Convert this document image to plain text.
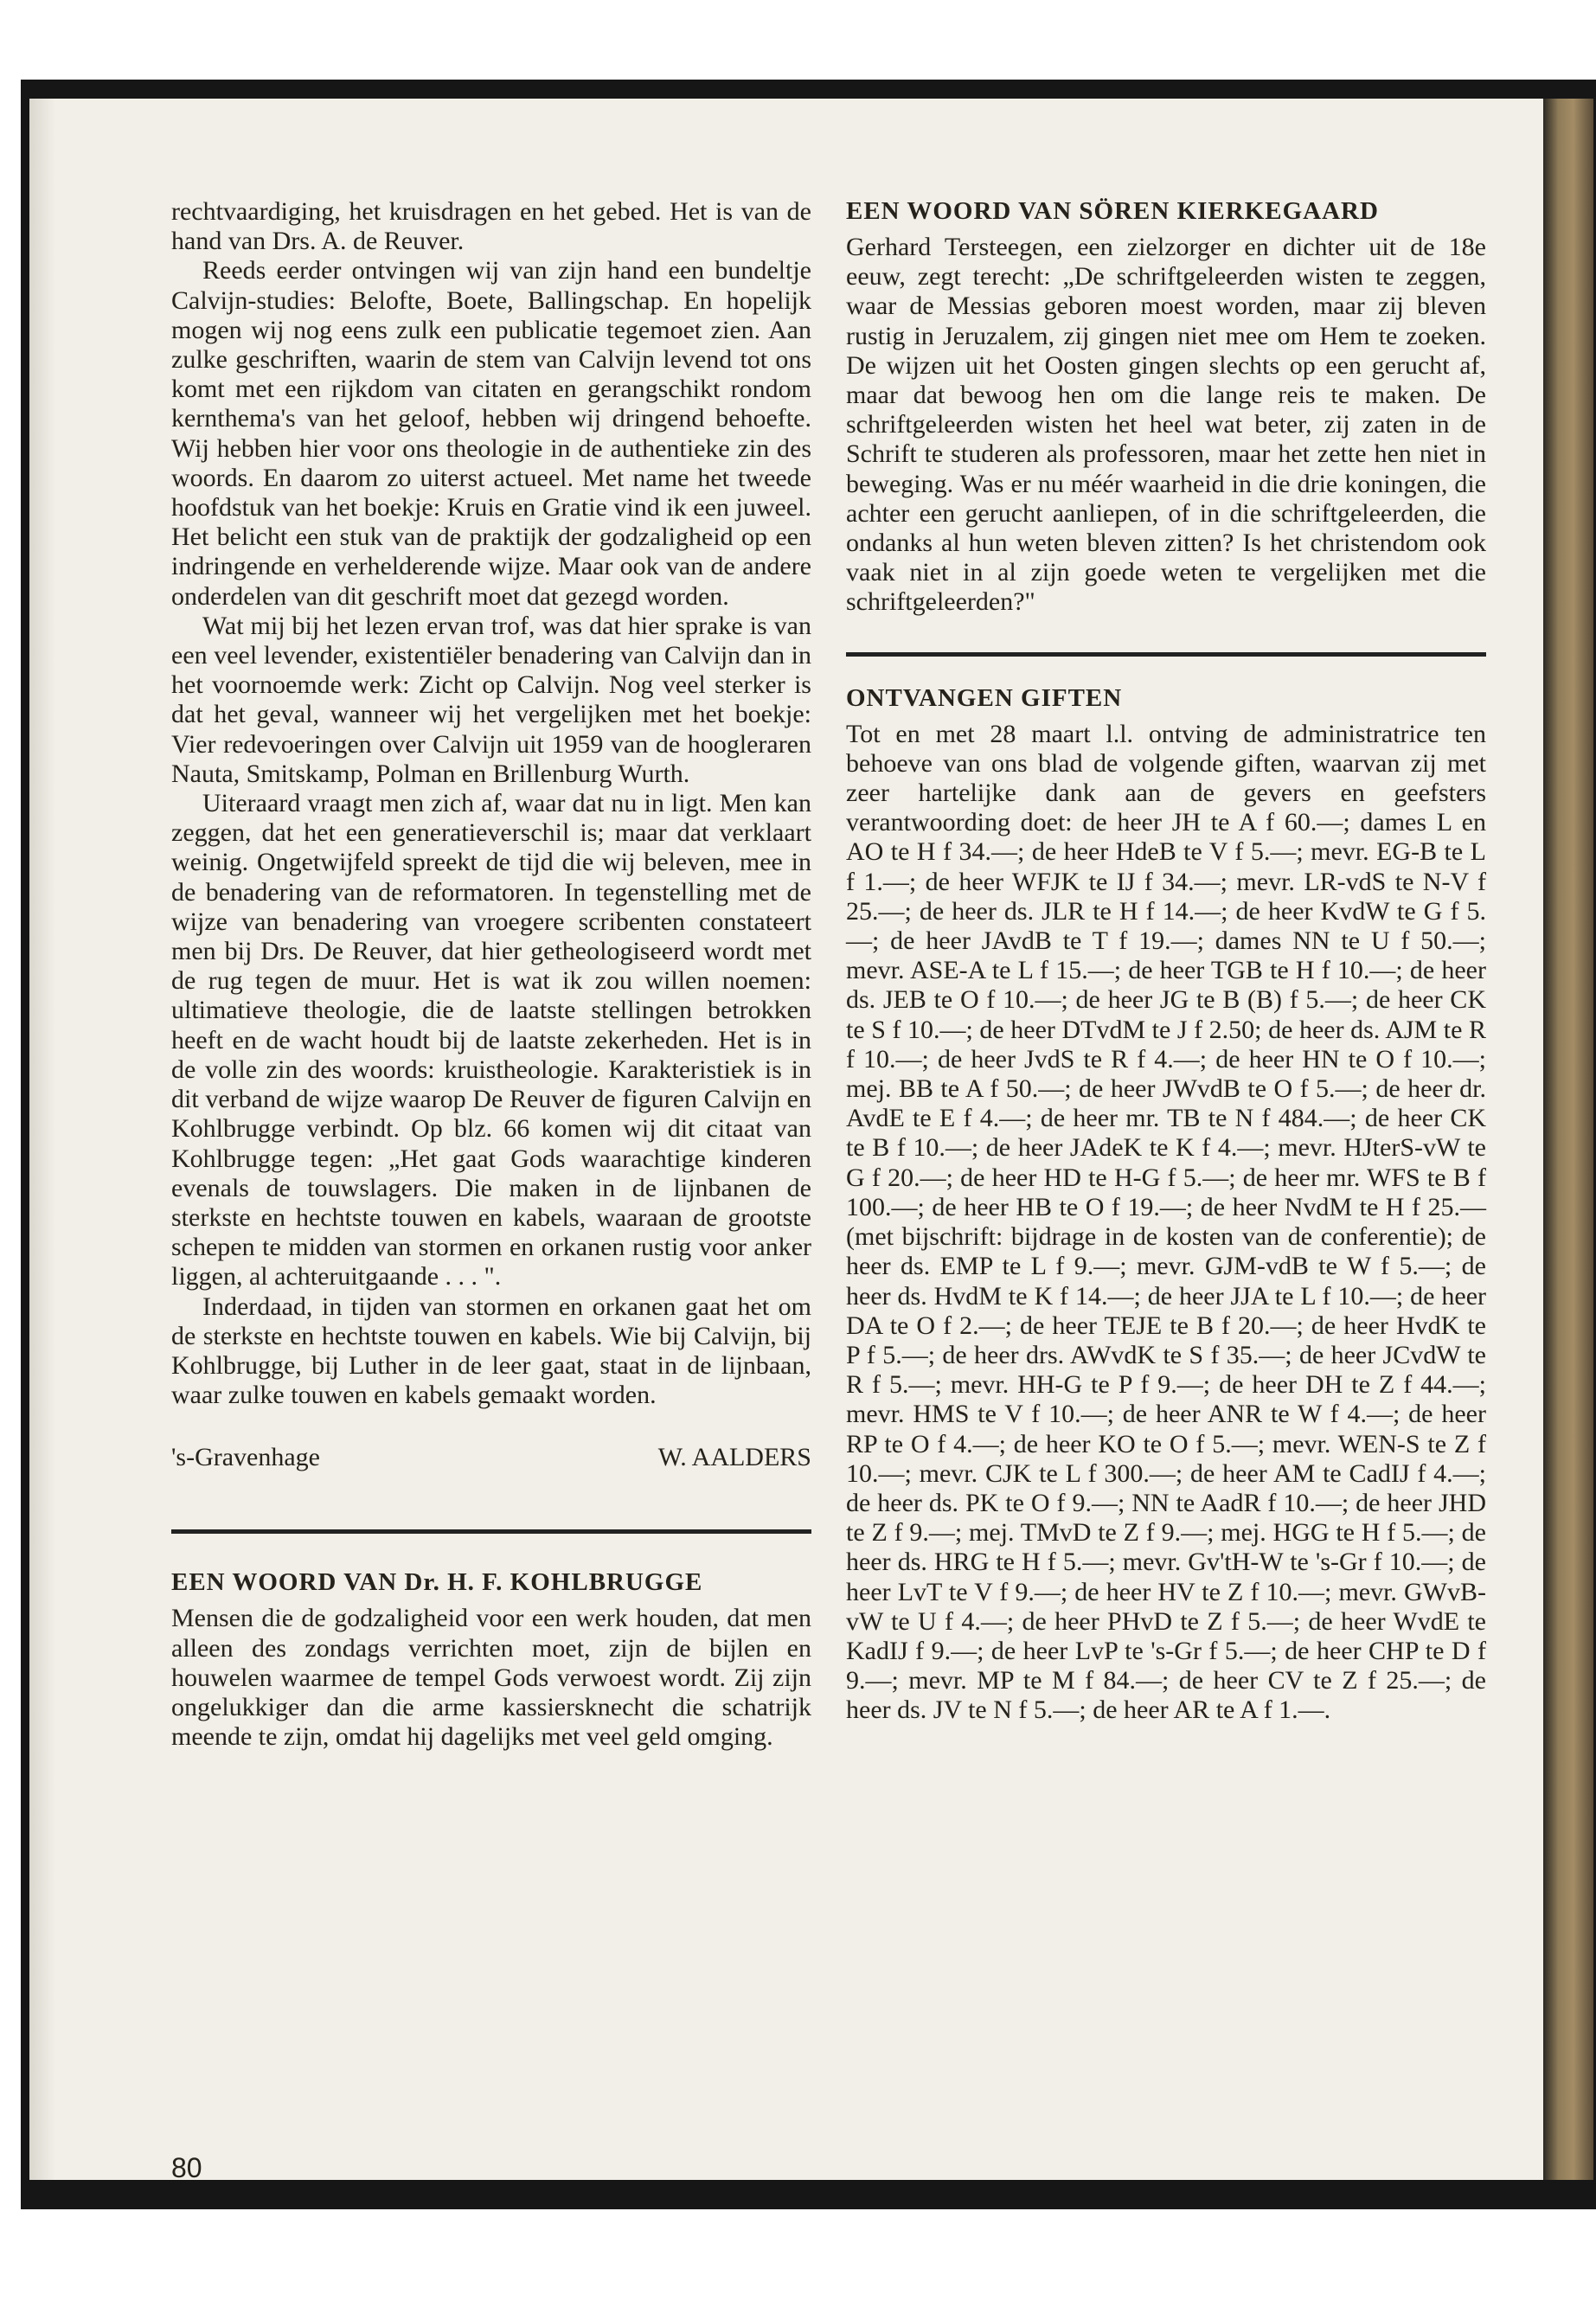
rechtvaardiging, het kruisdragen en het gebed. Het is van de hand van Drs. A. de Reuver.

Reeds eerder ontvingen wij van zijn hand een bundeltje Calvijn-studies: Belofte, Boete, Ballingschap. En hopelijk mogen wij nog eens zulk een publicatie tegemoet zien. Aan zulke geschriften, waarin de stem van Calvijn levend tot ons komt met een rijkdom van citaten en gerangschikt rondom kernthema's van het geloof, hebben wij dringend behoefte. Wij hebben hier voor ons theologie in de authentieke zin des woords. En daarom zo uiterst actueel. Met name het tweede hoofdstuk van het boekje: Kruis en Gratie vind ik een juweel. Het belicht een stuk van de praktijk der godzaligheid op een indringende en verhelderende wijze. Maar ook van de andere onderdelen van dit geschrift moet dat gezegd worden.

Wat mij bij het lezen ervan trof, was dat hier sprake is van een veel levender, existentiëler benadering van Calvijn dan in het voornoemde werk: Zicht op Calvijn. Nog veel sterker is dat het geval, wanneer wij het vergelijken met het boekje: Vier redevoeringen over Calvijn uit 1959 van de hoogleraren Nauta, Smitskamp, Polman en Brillenburg Wurth.

Uiteraard vraagt men zich af, waar dat nu in ligt. Men kan zeggen, dat het een generatieverschil is; maar dat verklaart weinig. Ongetwijfeld spreekt de tijd die wij beleven, mee in de benadering van de reformatoren. In tegenstelling met de wijze van benadering van vroegere scribenten constateert men bij Drs. De Reuver, dat hier getheologiseerd wordt met de rug tegen de muur. Het is wat ik zou willen noemen: ultimatieve theologie, die de laatste stellingen betrokken heeft en de wacht houdt bij de laatste zekerheden. Het is in de volle zin des woords: kruistheologie. Karakteristiek is in dit verband de wijze waarop De Reuver de figuren Calvijn en Kohlbrugge verbindt. Op blz. 66 komen wij dit citaat van Kohlbrugge tegen: „Het gaat Gods waarachtige kinderen evenals de touwslagers. Die maken in de lijnbanen de sterkste en hechtste touwen en kabels, waaraan de grootste schepen te midden van stormen en orkanen rustig voor anker liggen, al achteruitgaande . . . ".

Inderdaad, in tijden van stormen en orkanen gaat het om de sterkste en hechtste touwen en kabels. Wie bij Calvijn, bij Kohlbrugge, bij Luther in de leer gaat, staat in de lijnbaan, waar zulke touwen en kabels gemaakt worden.

's-Gravenhage	W. AALDERS
EEN WOORD VAN Dr. H. F. KOHLBRUGGE

Mensen die de godzaligheid voor een werk houden, dat men alleen des zondags verrichten moet, zijn de bijlen en houwelen waarmee de tempel Gods verwoest wordt. Zij zijn ongelukkiger dan die arme kassiersknecht die schatrijk meende te zijn, omdat hij dagelijks met veel geld omging.

EEN WOORD VAN SÖREN KIERKEGAARD

Gerhard Tersteegen, een zielzorger en dichter uit de 18e eeuw, zegt terecht: „De schriftgeleerden wisten te zeggen, waar de Messias geboren moest worden, maar zij bleven rustig in Jeruzalem, zij gingen niet mee om Hem te zoeken. De wijzen uit het Oosten gingen slechts op een gerucht af, maar dat bewoog hen om die lange reis te maken. De schriftgeleerden wisten het heel wat beter, zij zaten in de Schrift te studeren als professoren, maar het zette hen niet in beweging. Was er nu méér waarheid in die drie koningen, die achter een gerucht aanliepen, of in die schriftgeleerden, die ondanks al hun weten bleven zitten? Is het christendom ook vaak niet in al zijn goede weten te vergelijken met die schriftgeleerden?"

ONTVANGEN GIFTEN

Tot en met 28 maart l.l. ontving de administratrice ten behoeve van ons blad de volgende giften, waarvan zij met zeer hartelijke dank aan de gevers en geefsters verantwoording doet: de heer JH te A f 60.—; dames L en AO te H f 34.—; de heer HdeB te V f 5.—; mevr. EG-B te L f 1.—; de heer WFJK te IJ f 34.—; mevr. LR-vdS te N-V f 25.—; de heer ds. JLR te H f 14.—; de heer KvdW te G f 5.—; de heer JAvdB te T f 19.—; dames NN te U f 50.—; mevr. ASE-A te L f 15.—; de heer TGB te H f 10.—; de heer ds. JEB te O f 10.—; de heer JG te B (B) f 5.—; de heer CK te S f 10.—; de heer DTvdM te J f 2.50; de heer ds. AJM te R f 10.—; de heer JvdS te R f 4.—; de heer HN te O f 10.—; mej. BB te A f 50.—; de heer JWvdB te O f 5.—; de heer dr. AvdE te E f 4.—; de heer mr. TB te N f 484.—; de heer CK te B f 10.—; de heer JAdeK te K f 4.—; mevr. HJterS-vW te G f 20.—; de heer HD te H-G f 5.—; de heer mr. WFS te B f 100.—; de heer HB te O f 19.—; de heer NvdM te H f 25.— (met bijschrift: bijdrage in de kosten van de conferentie); de heer ds. EMP te L f 9.—; mevr. GJM-vdB te W f 5.—; de heer ds. HvdM te K f 14.—; de heer JJA te L f 10.—; de heer DA te O f 2.—; de heer TEJE te B f 20.—; de heer HvdK te P f 5.—; de heer drs. AWvdK te S f 35.—; de heer JCvdW te R f 5.—; mevr. HH-G te P f 9.—; de heer DH te Z f 44.—; mevr. HMS te V f 10.—; de heer ANR te W f 4.—; de heer RP te O f 4.—; de heer KO te O f 5.—; mevr. WEN-S te Z f 10.—; mevr. CJK te L f 300.—; de heer AM te CadIJ f 4.—; de heer ds. PK te O f 9.—; NN te AadR f 10.—; de heer JHD te Z f 9.—; mej. TMvD te Z f 9.—; mej. HGG te H f 5.—; de heer ds. HRG te H f 5.—; mevr. Gv'tH-W te 's-Gr f 10.—; de heer LvT te V f 9.—; de heer HV te Z f 10.—; mevr. GWvB-vW te U f 4.—; de heer PHvD te Z f 5.—; de heer WvdE te KadIJ f 9.—; de heer LvP te 's-Gr f 5.—; de heer CHP te D f 9.—; mevr. MP te M f 84.—; de heer CV te Z f 25.—; de heer ds. JV te N f 5.—; de heer AR te A f 1.—.

80
